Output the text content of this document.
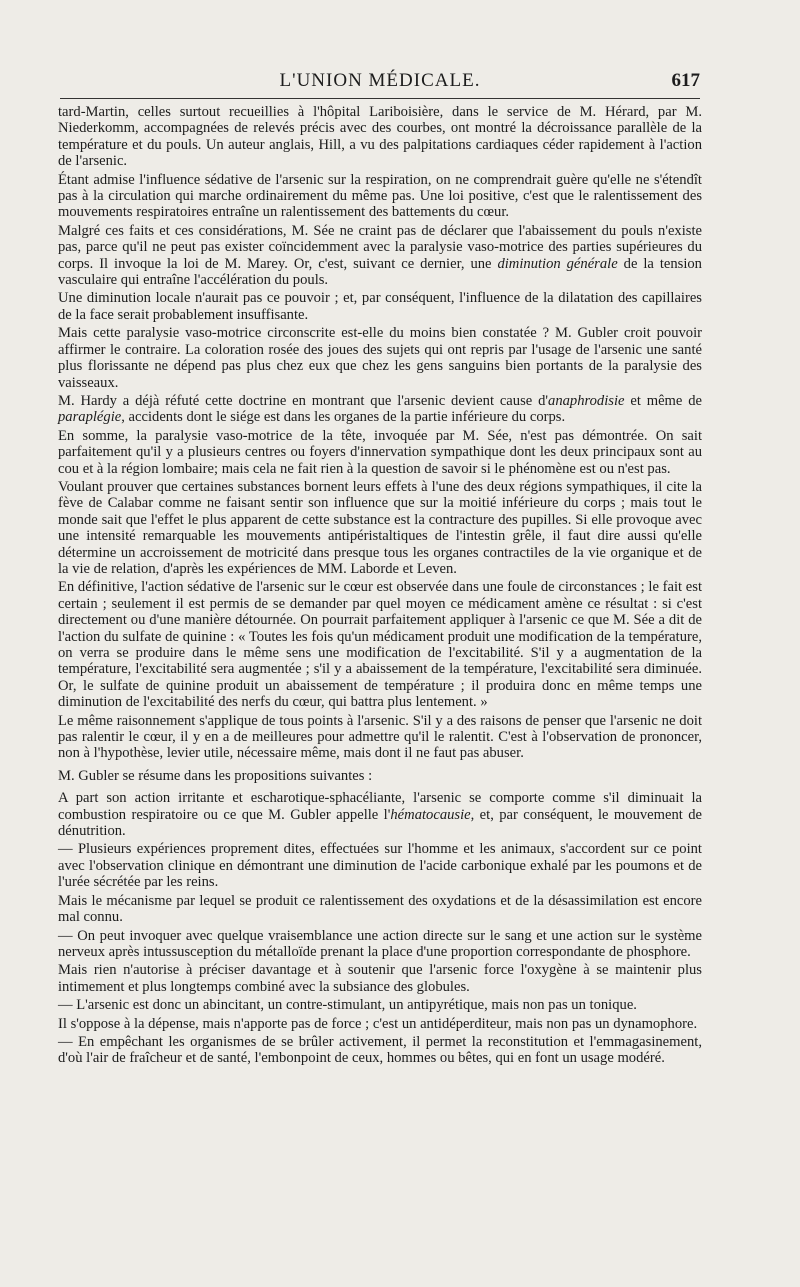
L'UNION MÉDICALE.	617

tard-Martin, celles surtout recueillies à l'hôpital Lariboisière, dans le service de M. Hérard, par M. Niederkomm, accompagnées de relevés précis avec des courbes, ont montré la décroissance parallèle de la température et du pouls. Un auteur anglais, Hill, a vu des palpitations cardiaques céder rapidement à l'action de l'arsenic.

Étant admise l'influence sédative de l'arsenic sur la respiration, on ne comprendrait guère qu'elle ne s'étendît pas à la circulation qui marche ordinairement du même pas. Une loi positive, c'est que le ralentissement des mouvements respiratoires entraîne un ralentissement des battements du cœur.

Malgré ces faits et ces considérations, M. Sée ne craint pas de déclarer que l'abaissement du pouls n'existe pas, parce qu'il ne peut pas exister coïncidemment avec la paralysie vaso-motrice des parties supérieures du corps. Il invoque la loi de M. Marey. Or, c'est, suivant ce dernier, une diminution générale de la tension vasculaire qui entraîne l'accélération du pouls.

Une diminution locale n'aurait pas ce pouvoir ; et, par conséquent, l'influence de la dilatation des capillaires de la face serait probablement insuffisante.

Mais cette paralysie vaso-motrice circonscrite est-elle du moins bien constatée ? M. Gubler croit pouvoir affirmer le contraire. La coloration rosée des joues des sujets qui ont repris par l'usage de l'arsenic une santé plus florissante ne dépend pas plus chez eux que chez les gens sanguins bien portants de la paralysie des vaisseaux.

M. Hardy a déjà réfuté cette doctrine en montrant que l'arsenic devient cause d'anaphrodisie et même de paraplégie, accidents dont le siége est dans les organes de la partie inférieure du corps.

En somme, la paralysie vaso-motrice de la tête, invoquée par M. Sée, n'est pas démontrée. On sait parfaitement qu'il y a plusieurs centres ou foyers d'innervation sympathique dont les deux principaux sont au cou et à la région lombaire; mais cela ne fait rien à la question de savoir si le phénomène est ou n'est pas.

Voulant prouver que certaines substances bornent leurs effets à l'une des deux régions sympathiques, il cite la fève de Calabar comme ne faisant sentir son influence que sur la moitié inférieure du corps ; mais tout le monde sait que l'effet le plus apparent de cette substance est la contracture des pupilles. Si elle provoque avec une intensité remarquable les mouvements antipéristaltiques de l'intestin grêle, il faut dire aussi qu'elle détermine un accroissement de motricité dans presque tous les organes contractiles de la vie organique et de la vie de relation, d'après les expériences de MM. Laborde et Leven.

En définitive, l'action sédative de l'arsenic sur le cœur est observée dans une foule de circonstances ; le fait est certain ; seulement il est permis de se demander par quel moyen ce médicament amène ce résultat : si c'est directement ou d'une manière détournée. On pourrait parfaitement appliquer à l'arsenic ce que M. Sée a dit de l'action du sulfate de quinine : « Toutes les fois qu'un médicament produit une modification de la température, on verra se produire dans le même sens une modification de l'excitabilité. S'il y a augmentation de la température, l'excitabilité sera augmentée ; s'il y a abaissement de la température, l'excitabilité sera diminuée. Or, le sulfate de quinine produit un abaissement de température ; il produira donc en même temps une diminution de l'excitabilité des nerfs du cœur, qui battra plus lentement. »

Le même raisonnement s'applique de tous points à l'arsenic. S'il y a des raisons de penser que l'arsenic ne doit pas ralentir le cœur, il y en a de meilleures pour admettre qu'il le ralentit. C'est à l'observation de prononcer, non à l'hypothèse, levier utile, nécessaire même, mais dont il ne faut pas abuser.

M. Gubler se résume dans les propositions suivantes :

A part son action irritante et escharotique-sphacéliante, l'arsenic se comporte comme s'il diminuait la combustion respiratoire ou ce que M. Gubler appelle l'hématocausie, et, par conséquent, le mouvement de dénutrition.

— Plusieurs expériences proprement dites, effectuées sur l'homme et les animaux, s'accordent sur ce point avec l'observation clinique en démontrant une diminution de l'acide carbonique exhalé par les poumons et de l'urée sécrétée par les reins.

Mais le mécanisme par lequel se produit ce ralentissement des oxydations et de la désassimilation est encore mal connu.

— On peut invoquer avec quelque vraisemblance une action directe sur le sang et une action sur le système nerveux après intussusception du métalloïde prenant la place d'une proportion correspondante de phosphore.

Mais rien n'autorise à préciser davantage et à soutenir que l'arsenic force l'oxygène à se maintenir plus intimement et plus longtemps combiné avec la subsiance des globules.

— L'arsenic est donc un abincitant, un contre-stimulant, un antipyrétique, mais non pas un tonique.

Il s'oppose à la dépense, mais n'apporte pas de force ; c'est un antidéperditeur, mais non pas un dynamophore.

— En empêchant les organismes de se brûler activement, il permet la reconstitution et l'emmagasinement, d'où l'air de fraîcheur et de santé, l'embonpoint de ceux, hommes ou bêtes, qui en font un usage modéré.
